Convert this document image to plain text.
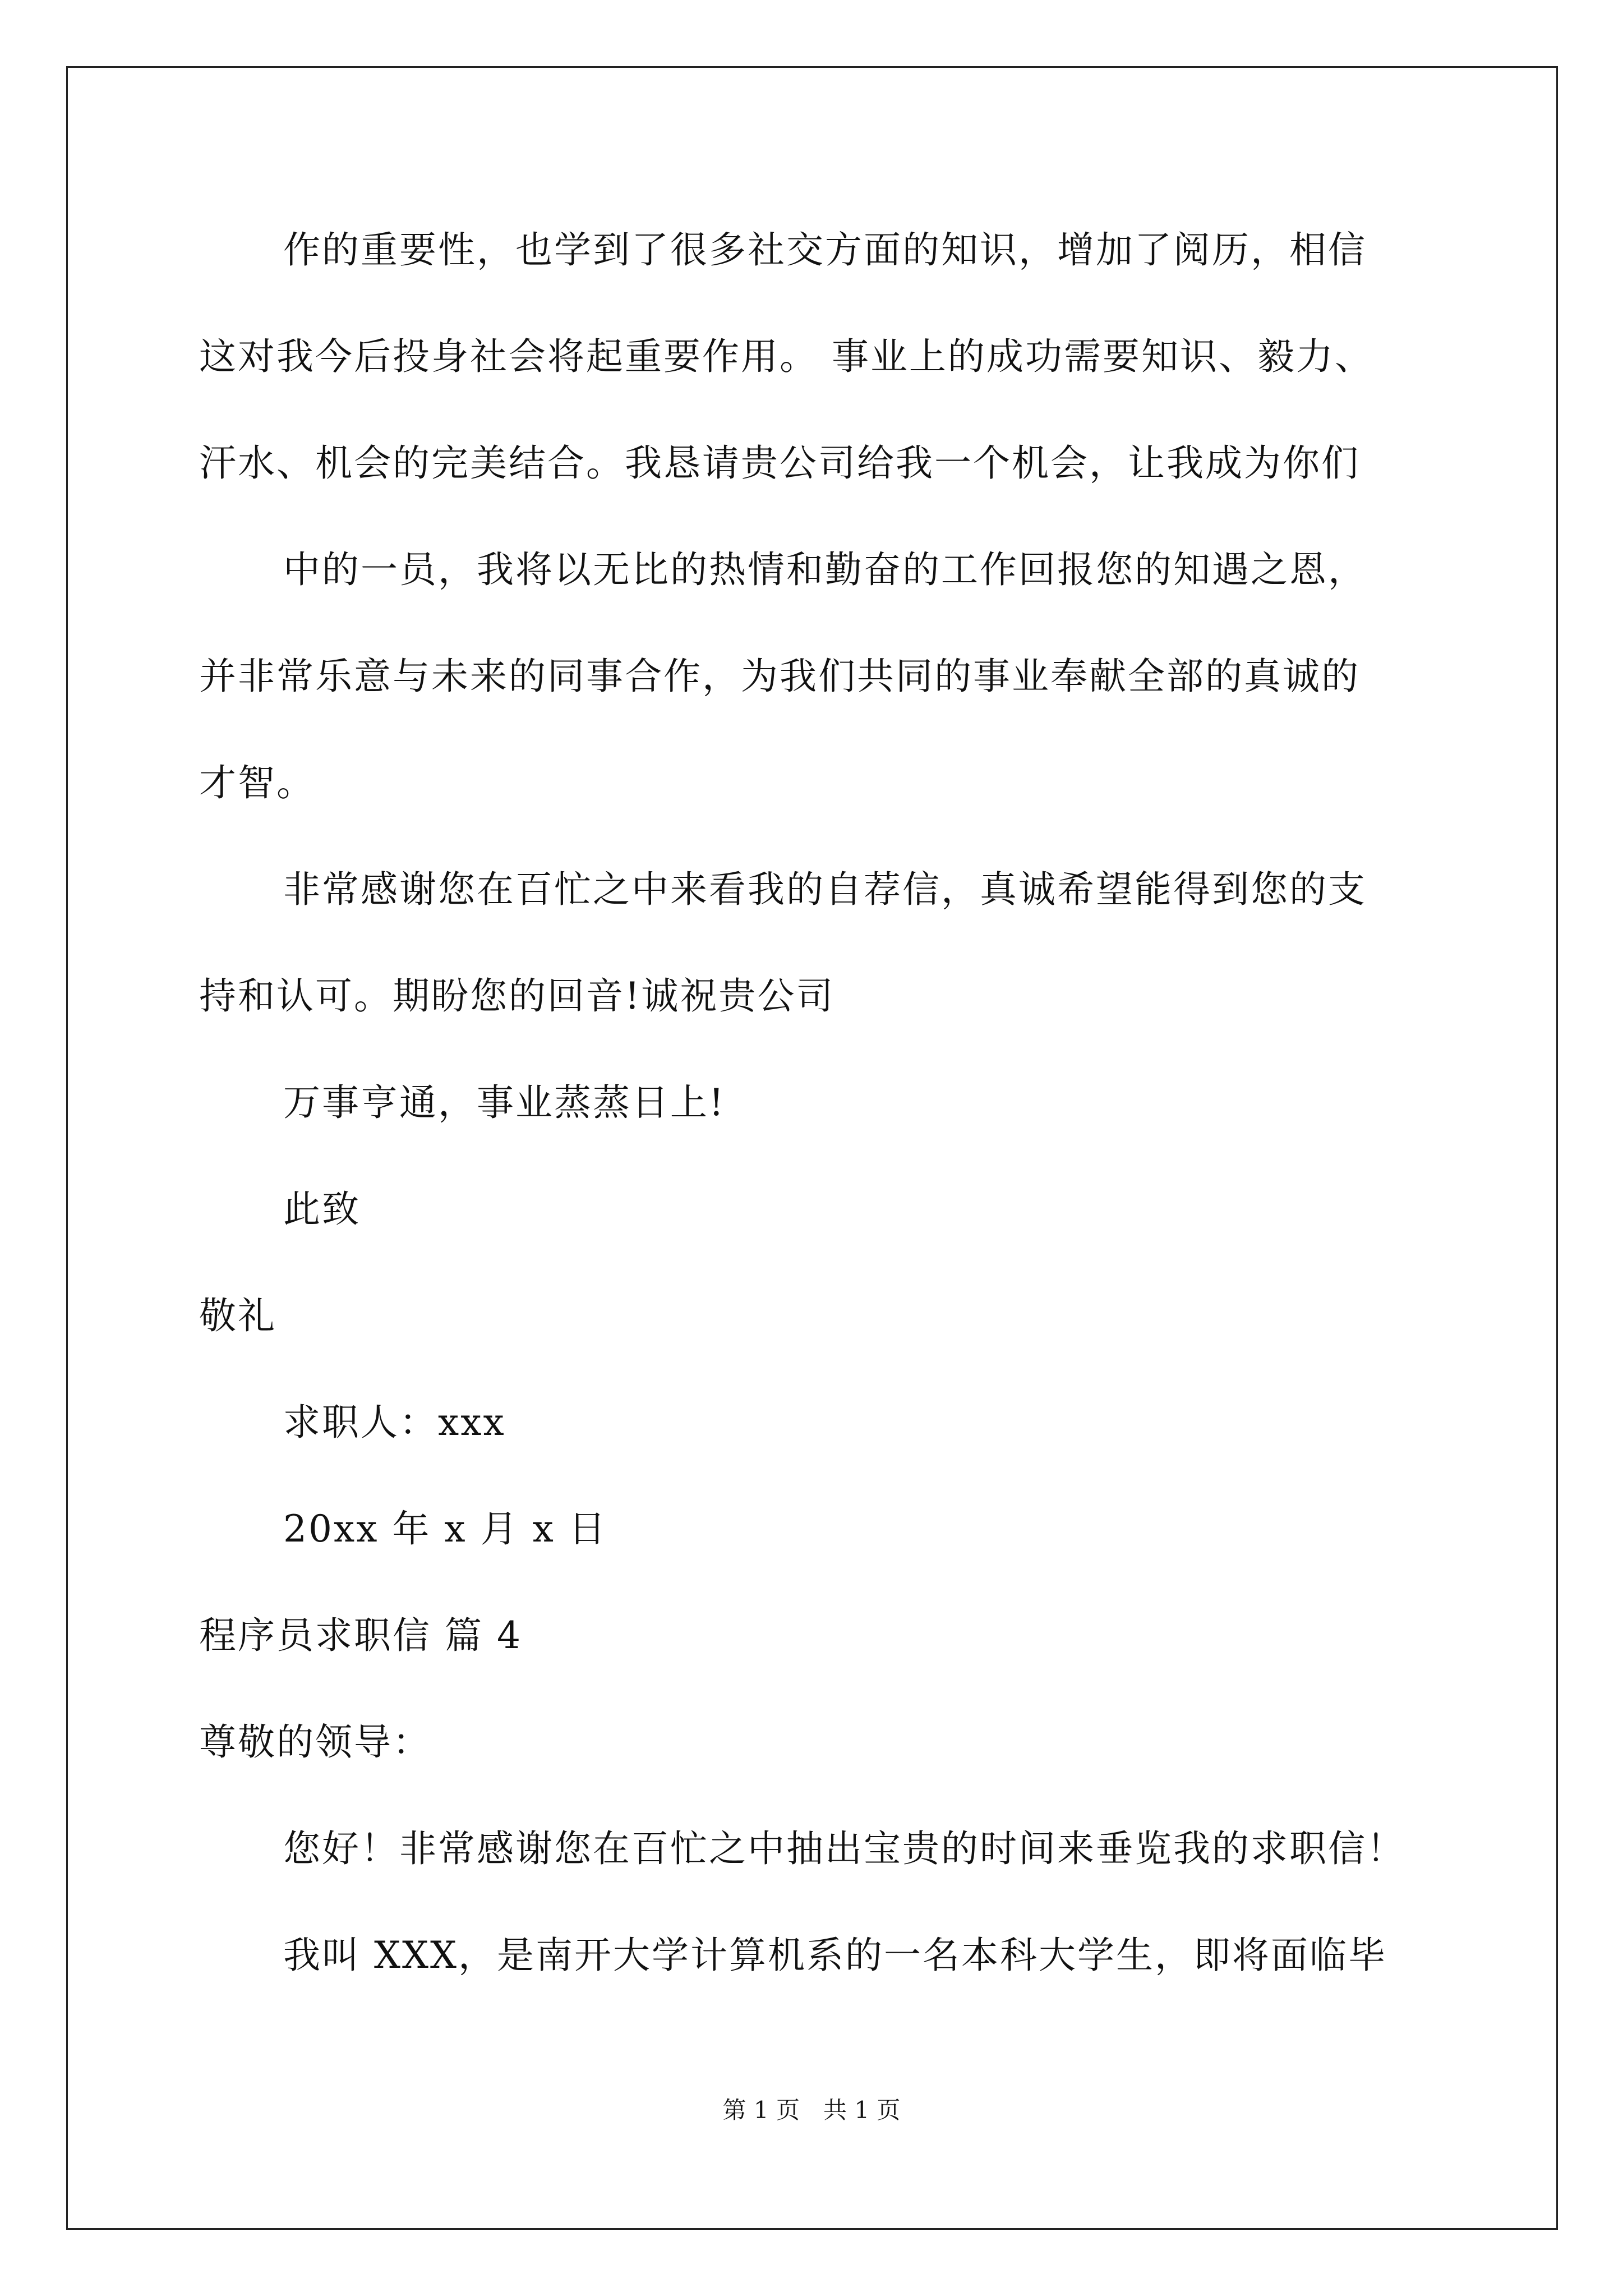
作的重要性，也学到了很多社交方面的知识，增加了阅历，相信
这对我今后投身社会将起重要作用。 事业上的成功需要知识、毅力、
汗水、机会的完美结合。我恳请贵公司给我一个机会，让我成为你们
中的一员，我将以无比的热情和勤奋的工作回报您的知遇之恩，
并非常乐意与未来的同事合作，为我们共同的事业奉献全部的真诚的
才智。
非常感谢您在百忙之中来看我的自荐信，真诚希望能得到您的支
持和认可。期盼您的回音!诚祝贵公司
万事亨通，事业蒸蒸日上!
此致
敬礼
求职人：xxx
20xx 年 x 月 x 日
程序员求职信 篇 4
尊敬的领导：
您好！非常感谢您在百忙之中抽出宝贵的时间来垂览我的求职信！
我叫 XXX，是南开大学计算机系的一名本科大学生，即将面临毕
第 1 页　共 1 页
